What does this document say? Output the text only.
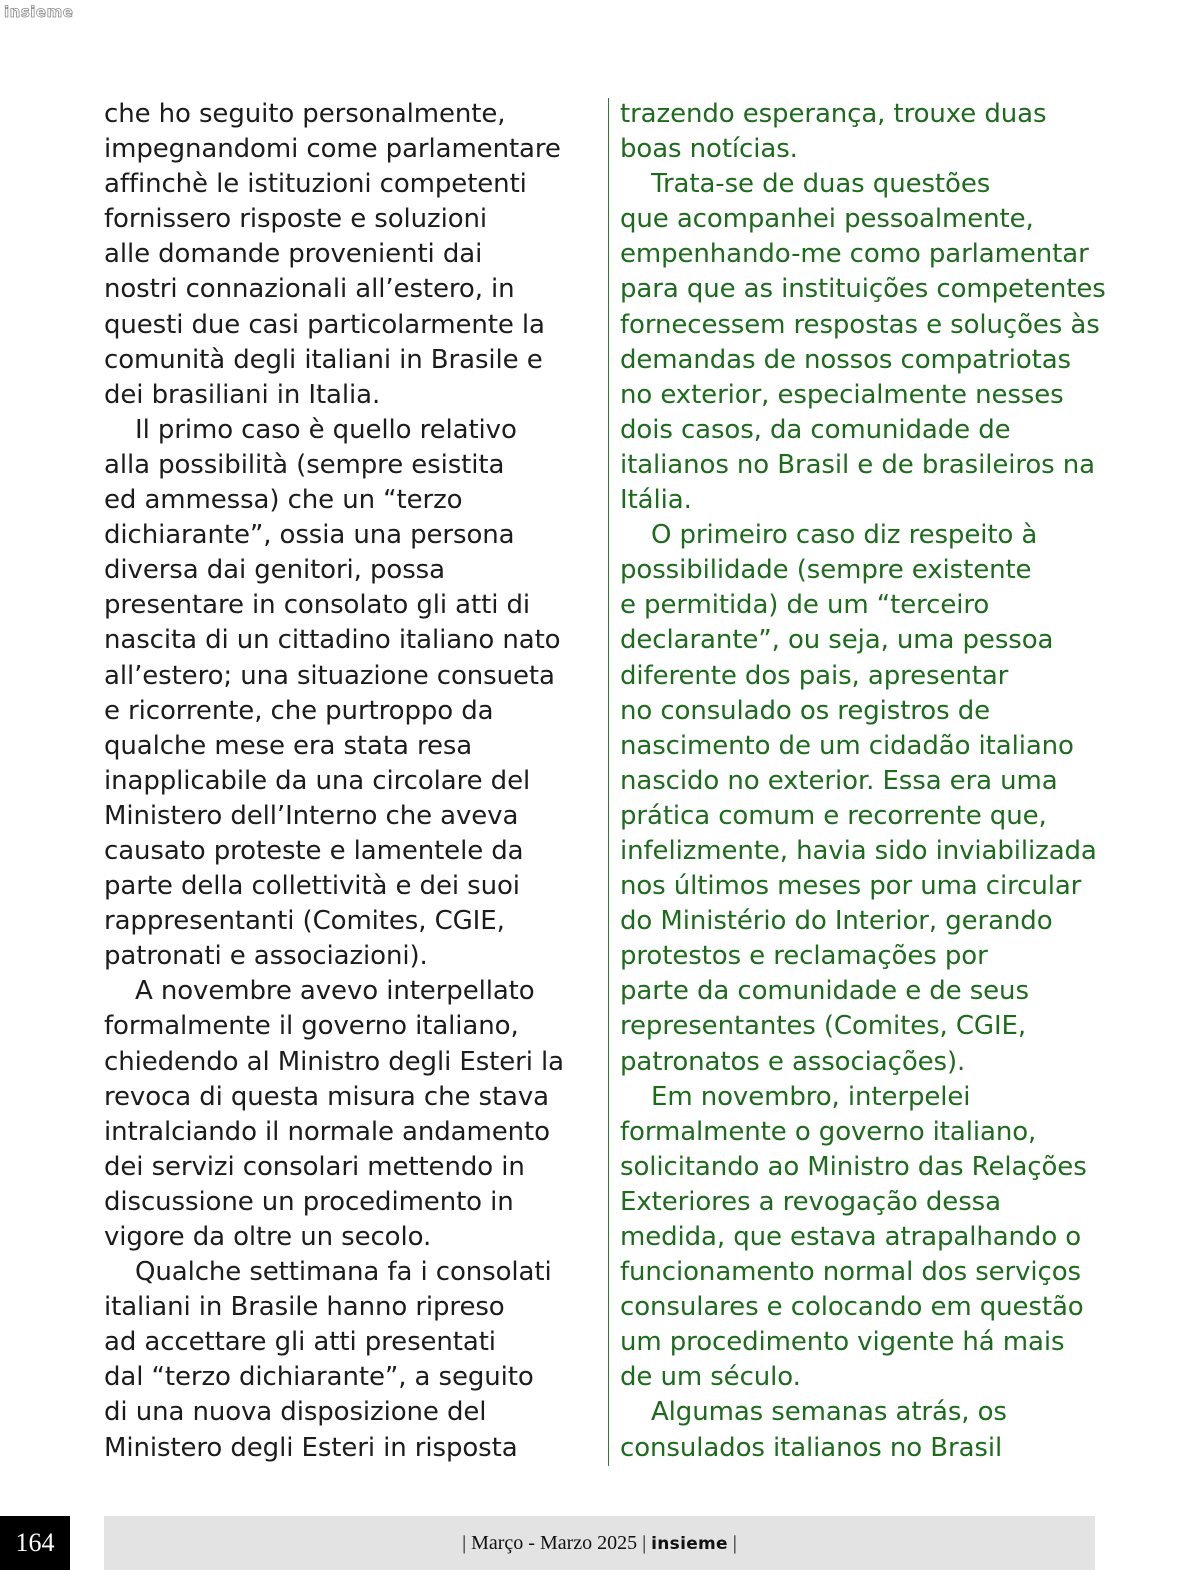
insieme
che ho seguito personalmente,
impegnandomi come parlamentare
affinchè le istituzioni competenti
fornissero risposte e soluzioni
alle domande provenienti dai
nostri connazionali all’estero, in
questi due casi particolarmente la
comunità degli italiani in Brasile e
dei brasiliani in Italia.
Il primo caso è quello relativo
alla possibilità (sempre esistita
ed ammessa) che un “terzo
dichiarante”, ossia una persona
diversa dai genitori, possa
presentare in consolato gli atti di
nascita di un cittadino italiano nato
all’estero; una situazione consueta
e ricorrente, che purtroppo da
qualche mese era stata resa
inapplicabile da una circolare del
Ministero dell’Interno che aveva
causato proteste e lamentele da
parte della collettività e dei suoi
rappresentanti (Comites, CGIE,
patronati e associazioni).
A novembre avevo interpellato
formalmente il governo italiano,
chiedendo al Ministro degli Esteri la
revoca di questa misura che stava
intralciando il normale andamento
dei servizi consolari mettendo in
discussione un procedimento in
vigore da oltre un secolo.
Qualche settimana fa i consolati
italiani in Brasile hanno ripreso
ad accettare gli atti presentati
dal “terzo dichiarante”, a seguito
di una nuova disposizione del
Ministero degli Esteri in risposta
trazendo esperança, trouxe duas
boas notícias.
Trata-se de duas questões
que acompanhei pessoalmente,
empenhando-me como parlamentar
para que as instituições competentes
fornecessem respostas e soluções às
demandas de nossos compatriotas
no exterior, especialmente nesses
dois casos, da comunidade de
italianos no Brasil e de brasileiros na
Itália.
O primeiro caso diz respeito à
possibilidade (sempre existente
e permitida) de um “terceiro
declarante”, ou seja, uma pessoa
diferente dos pais, apresentar
no consulado os registros de
nascimento de um cidadão italiano
nascido no exterior. Essa era uma
prática comum e recorrente que,
infelizmente, havia sido inviabilizada
nos últimos meses por uma circular
do Ministério do Interior, gerando
protestos e reclamações por
parte da comunidade e de seus
representantes (Comites, CGIE,
patronatos e associações).
Em novembro, interpelei
formalmente o governo italiano,
solicitando ao Ministro das Relações
Exteriores a revogação dessa
medida, que estava atrapalhando o
funcionamento normal dos serviços
consulares e colocando em questão
um procedimento vigente há mais
de um século.
Algumas semanas atrás, os
consulados italianos no Brasil
164	| Março - Marzo 2025 | insieme |
